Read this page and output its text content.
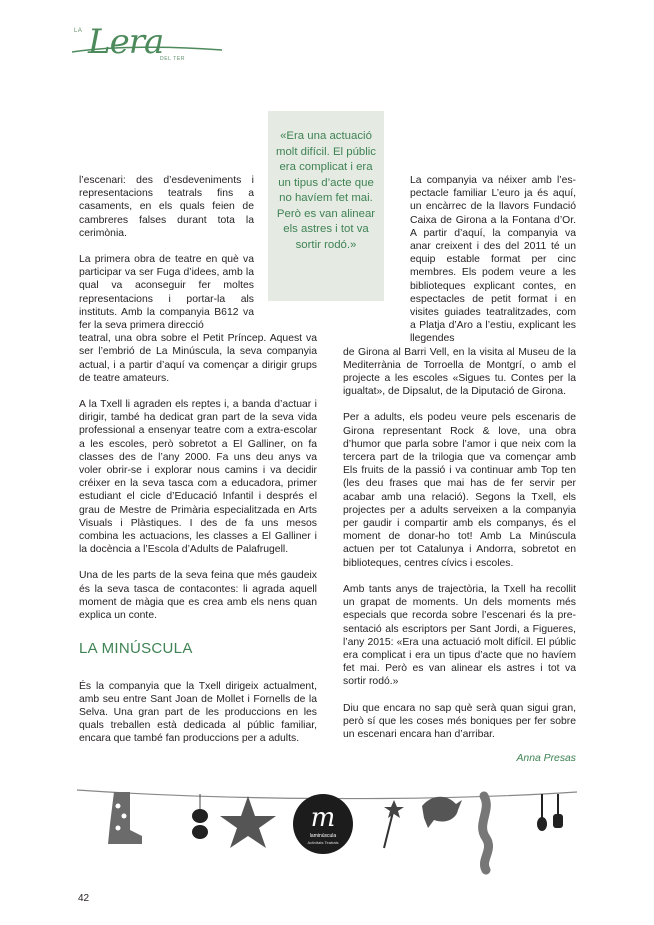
LA Lera
DEL TER
«Era una actuació molt difícil. El públic era complicat i era un tipus d’acte que no havíem fet mai. Però es van alinear els astres i tot va sortir rodó.»

l’escenari: des d’esdeveniments i representacions teatrals fins a casaments, en els quals feien de cambreres falses durant tota la cerimònia.

La primera obra de teatre en què va participar va ser Fuga d’idees, amb la qual va aconseguir fer moltes representacions i portar-la als instituts. Amb la companyia B612 va fer la seva primera direcció

teatral, una obra sobre el Petit Príncep. Aquest va ser l’embrió de La Minúscula, la seva companyia actual, i a partir d’aquí va començar a dirigir grups de teatre amateurs.

A la Txell li agraden els reptes i, a banda d’actuar i dirigir, també ha dedicat gran part de la seva vida professional a ensenyar teatre com a extra-escolar a les escoles, però sobretot a El Galliner, on fa classes des de l’any 2000. Fa uns deu anys va voler obrir-se i explorar nous camins i va decidir créixer en la seva tasca com a educadora, primer estudiant el cicle d’Educació Infantil i després el grau de Mestre de Primària especialitzada en Arts Visuals i Plàstiques. I des de fa uns mesos combina les actuacions, les classes a El Galliner i la docència a l’Escola d’Adults de Palafrugell.

Una de les parts de la seva feina que més gaudeix és la seva tasca de contacontes: li agrada aquell moment de màgia que es crea amb els nens quan explica un conte.

LA MINÚSCULA

És la companyia que la Txell dirigeix actualment, amb seu entre Sant Joan de Mollet i Fornells de la Selva. Una gran part de les produccions en les quals treballen està dedicada al públic familiar, encara que també fan produccions per a adults.

La companyia va néixer amb l’es-pectacle familiar L’euro ja és aquí, un encàrrec de la llavors Fundació Caixa de Girona a la Fontana d’Or. A partir d’aquí, la companyia va anar creixent i des del 2011 té un equip estable format per cinc membres. Els podem veure a les biblioteques explicant contes, en espectacles de petit format i en visites guiades teatralitzades, com a Platja d’Aro a l’estiu, explicant les llegendes

de Girona al Barri Vell, en la visita al Museu de la Mediterrània de Torroella de Montgrí, o amb el projecte a les escoles «Sigues tu. Contes per la igualtat», de Dipsalut, de la Diputació de Girona.

Per a adults, els podeu veure pels escenaris de Girona representant Rock & love, una obra d’humor que parla sobre l’amor i que neix com la tercera part de la trilogia que va començar amb Els fruits de la passió i va continuar amb Top ten (les deu frases que mai has de fer servir per acabar amb una relació). Segons la Txell, els projectes per a adults serveixen a la companyia per gaudir i compartir amb els companys, és el moment de donar-ho tot! Amb La Minúscula actuen per tot Catalunya i Andorra, sobretot en biblioteques, centres cívics i escoles.

Amb tants anys de trajectòria, la Txell ha recollit un grapat de moments. Un dels moments més especials que recorda sobre l’escenari és la pre-sentació als escriptors per Sant Jordi, a Figueres, l’any 2015: «Era una actuació molt difícil. El públic era complicat i era un tipus d’acte que no havíem fet mai. Però es van alinear els astres i tot va sortir rodó.»

Diu que encara no sap què serà quan sigui gran, però sí que les coses més boniques per fer sobre un escenari encara han d’arribar.

Anna Presas

m
laminúscula
Activitats Teatrals
42
